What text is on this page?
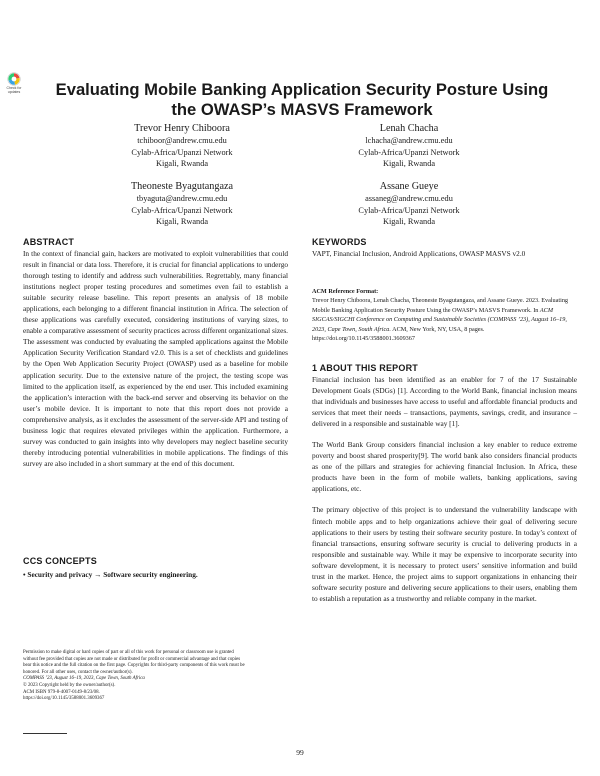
Check for
updates	Evaluating Mobile Banking Application Security Posture Using
the OWASP’s MASVS Framework
Trevor Henry Chiboora
tchiboor@andrew.cmu.edu
Cylab-Africa/Upanzi Network
Kigali, Rwanda
Lenah Chacha
lchacha@andrew.cmu.edu
Cylab-Africa/Upanzi Network
Kigali, Rwanda
Theoneste Byagutangaza
tbyaguta@andrew.cmu.edu
Cylab-Africa/Upanzi Network
Kigali, Rwanda
Assane Gueye
assaneg@andrew.cmu.edu
Cylab-Africa/Upanzi Network
Kigali, Rwanda
ABSTRACT
In the context of financial gain, hackers are motivated to exploit vulnerabilities that could result in financial or data loss. Therefore, it is crucial for financial applications to undergo thorough testing to identify and address such vulnerabilities. Regrettably, many financial institutions neglect proper testing procedures and sometimes even fail to establish a suitable security release baseline. This report presents an analysis of 18 mobile applications, each belonging to a different financial institution in Africa. The selection of these applications was carefully executed, considering institutions of varying sizes, to enable a comparative assessment of security practices across different organizational sizes. The assessment was conducted by evaluating the sampled applications against the Mobile Application Security Verification Standard v2.0. This is a set of checklists and guidelines by the Open Web Application Security Project (OWASP) used as a baseline for mobile application security. Due to the extensive nature of the project, the testing scope was limited to the application itself, as experienced by the end user. This included examining the application’s interaction with the back-end server and observing its behavior on the user’s mobile device. It is important to note that this report does not provide a comprehensive analysis, as it excludes the assessment of the server-side API and testing of business logic that requires elevated privileges within the application. Furthermore, a survey was conducted to gain insights into why developers may neglect baseline security thereby introducing potential vulnerabilities in mobile applications. The findings of this survey are also included in a short summary at the end of this document.
CCS CONCEPTS
• Security and privacy → Software security engineering.
Permission to make digital or hard copies of part or all of this work for personal or classroom use is granted without fee provided that copies are not made or distributed for profit or commercial advantage and that copies bear this notice and the full citation on the first page. Copyrights for third-party components of this work must be honored. For all other uses, contact the owner/author(s).
COMPASS ’23, August 16–19, 2023, Cape Town, South Africa
© 2023 Copyright held by the owner/author(s).
ACM ISBN 979-8-4007-0149-8/23/08.
https://doi.org/10.1145/3588001.3609367
KEYWORDS
VAPT, Financial Inclusion, Android Applications, OWASP MASVS v2.0
ACM Reference Format:
Trevor Henry Chiboora, Lenah Chacha, Theoneste Byagutangaza, and Assane Gueye. 2023. Evaluating Mobile Banking Application Security Posture Using the OWASP’s MASVS Framework. In ACM SIGCAS/SIGCHI Conference on Computing and Sustainable Societies (COMPASS ’23), August 16–19, 2023, Cape Town, South Africa. ACM, New York, NY, USA, 8 pages. https://doi.org/10.1145/3588001.3609367
1 ABOUT THIS REPORT
Financial inclusion has been identified as an enabler for 7 of the 17 Sustainable Development Goals (SDGs) [1]. According to the World Bank, financial inclusion means that individuals and businesses have access to useful and affordable financial products and services that meet their needs – transactions, payments, savings, credit, and insurance – delivered in a responsible and sustainable way [1].
The World Bank Group considers financial inclusion a key enabler to reduce extreme poverty and boost shared prosperity[9]. The world bank also considers financial products as one of the pillars and strategies for achieving financial Inclusion. In Africa, these products have been in the form of mobile wallets, banking applications, saving applications, etc.
The primary objective of this project is to understand the vulnerability landscape with fintech mobile apps and to help organizations achieve their goal of delivering secure applications to their users by testing their software security posture. In today’s context of financial transactions, ensuring software security is crucial to delivering products in a responsible and sustainable way. While it may be expensive to incorporate security into software development, it is necessary to protect users’ sensitive information and build trust in the market. Hence, the project aims to support organizations in enhancing their software security posture and delivering secure applications to their users, enabling them to establish a reputation as a trustworthy and reliable company in the market.
99
